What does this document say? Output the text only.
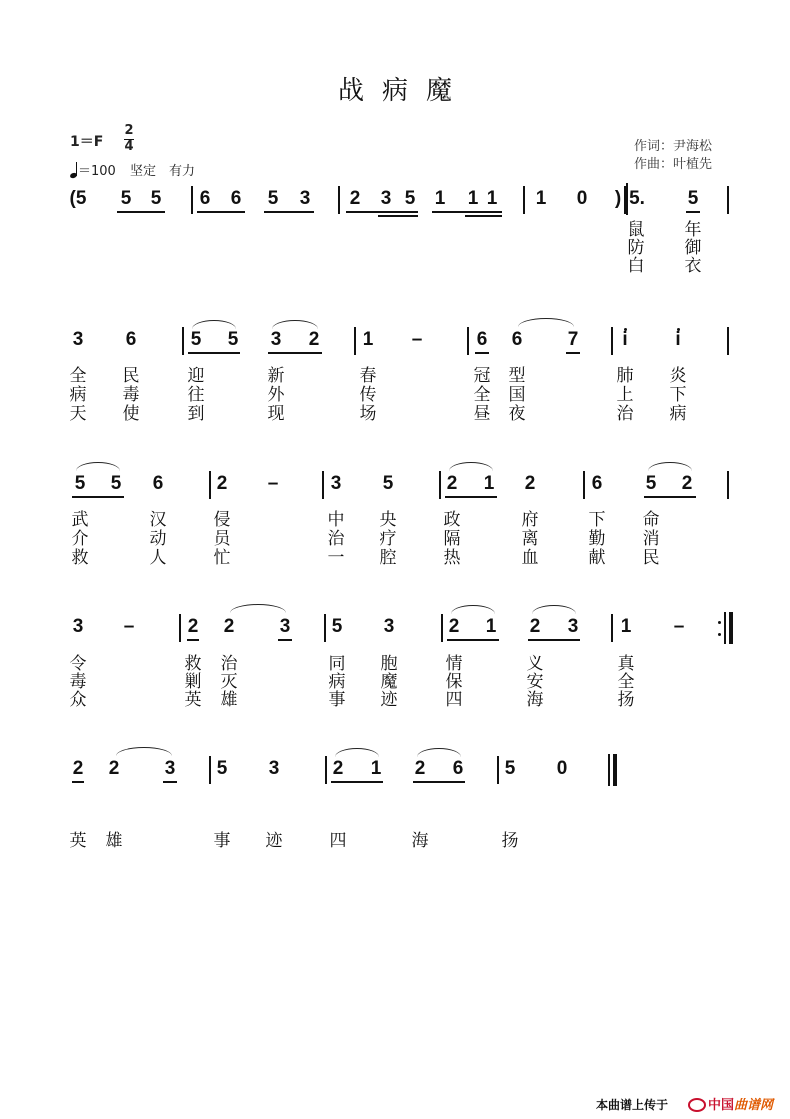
战病魔
1＝F
2
4
＝100 坚定　有力
作词：尹海松
作曲：叶植先
(5 5 5 6 6 5 3 2 3 5 1 1 1 1 0 ) 5. 5
鼠 年
防 御
白 衣
3 6	5 5 3 2 1 –	6 6 7 i	i
全 民	迎	新	春	冠 型	肺 炎
病 毒	往	外	传	全 国	上 下
天 使	到	现	场	昼 夜	治 病
5 5 6	2 –	3 5	2 1 2	6 5 2
武	汉	侵	中 央	政	府	下 命
介	动	员	治 疗	隔	离	勤 消
救	人	忙	一 腔	热	血	献 民
3 –	2 2 3 5 3	2 1 2 3 1 –
令	救 治	同 胞	情	义	真
毒	剿 灭	病 魔	保	安	全
众	英 雄	事 迹	四	海	扬
2 2 3 5 3	2 1 2 6 5 0
英 雄	事 迹	四	海	扬
本曲谱上传于	中国曲谱网
